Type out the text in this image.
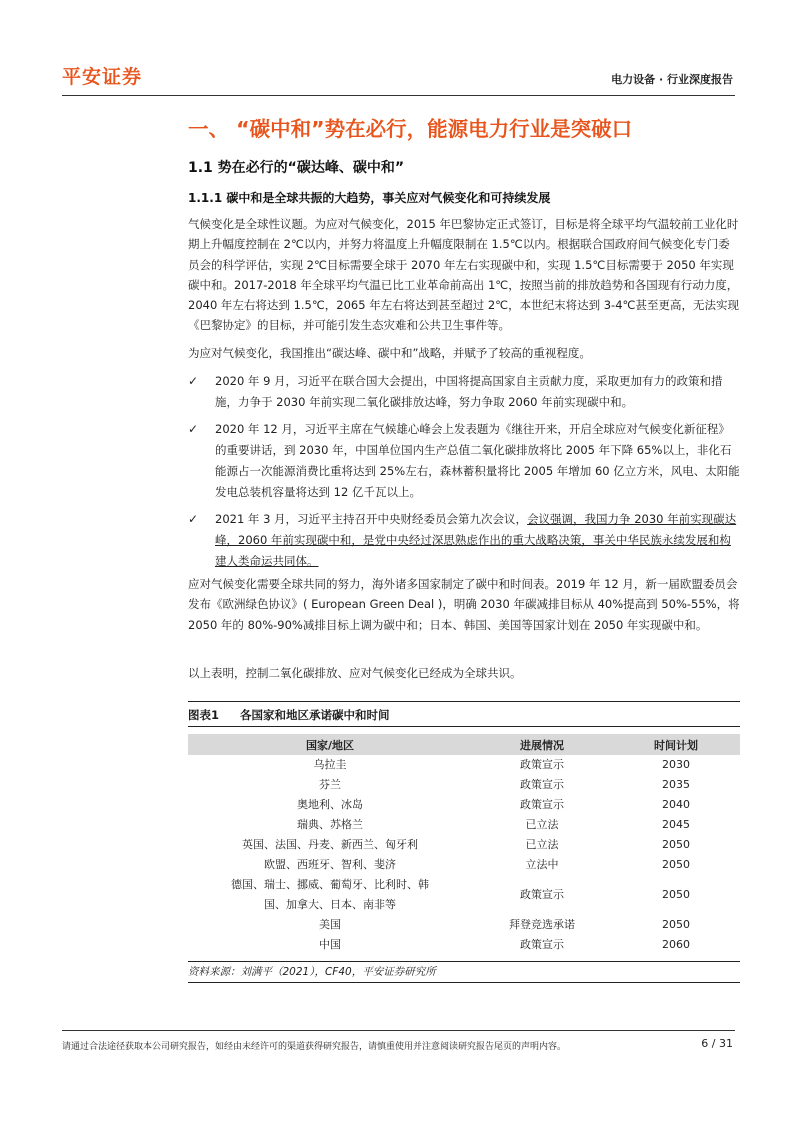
平安证券	电力设备 · 行业深度报告
一、 “碳中和”势在必行，能源电力行业是突破口
1.1 势在必行的“碳达峰、碳中和”
1.1.1 碳中和是全球共振的大趋势，事关应对气候变化和可持续发展
气候变化是全球性议题。为应对气候变化，2015 年巴黎协定正式签订，目标是将全球平均气温较前工业化时期上升幅度控制在 2℃以内，并努力将温度上升幅度限制在 1.5℃以内。根据联合国政府间气候变化专门委员会的科学评估，实现 2℃目标需要全球于 2070 年左右实现碳中和，实现 1.5℃目标需要于 2050 年实现碳中和。2017-2018 年全球平均气温已比工业革命前高出 1℃，按照当前的排放趋势和各国现有行动力度，2040 年左右将达到 1.5℃，2065 年左右将达到甚至超过 2℃，本世纪末将达到 3-4℃甚至更高，无法实现《巴黎协定》的目标，并可能引发生态灾难和公共卫生事件等。
为应对气候变化，我国推出“碳达峰、碳中和”战略，并赋予了较高的重视程度。
✓ 2020 年 9 月，习近平在联合国大会提出，中国将提高国家自主贡献力度，采取更加有力的政策和措施，力争于 2030 年前实现二氧化碳排放达峰，努力争取 2060 年前实现碳中和。
✓ 2020 年 12 月，习近平主席在气候雄心峰会上发表题为《继往开来，开启全球应对气候变化新征程》的重要讲话，到 2030 年，中国单位国内生产总值二氧化碳排放将比 2005 年下降 65%以上，非化石能源占一次能源消费比重将达到 25%左右，森林蓄积量将比 2005 年增加 60 亿立方米，风电、太阳能发电总装机容量将达到 12 亿千瓦以上。
✓ 2021 年 3 月，习近平主持召开中央财经委员会第九次会议，会议强调，我国力争 2030 年前实现碳达峰，2060 年前实现碳中和，是党中央经过深思熟虑作出的重大战略决策，事关中华民族永续发展和构建人类命运共同体。
应对气候变化需要全球共同的努力，海外诸多国家制定了碳中和时间表。2019 年 12 月，新一届欧盟委员会发布《欧洲绿色协议》( European Green Deal )，明确 2030 年碳减排目标从 40%提高到 50%-55%，将 2050 年的 80%-90%减排目标上调为碳中和；日本、韩国、美国等国家计划在 2050 年实现碳中和。
以上表明，控制二氧化碳排放、应对气候变化已经成为全球共识。
图表1 各国家和地区承诺碳中和时间
国家/地区	进展情况	时间计划
乌拉圭	政策宣示	2030
芬兰	政策宣示	2035
奥地利、冰岛	政策宣示	2040
瑞典、苏格兰	已立法	2045
英国、法国、丹麦、新西兰、匈牙利	已立法	2050
欧盟、西班牙、智利、斐济	立法中	2050
德国、瑞士、挪威、葡萄牙、比利时、韩国、加拿大、日本、南非等	政策宣示	2050
美国	拜登竞选承诺	2050
中国	政策宣示	2060
资料来源：刘满平（2021），CF40，平安证券研究所
请通过合法途径获取本公司研究报告，如经由未经许可的渠道获得研究报告，请慎重使用并注意阅读研究报告尾页的声明内容。	6 / 31
